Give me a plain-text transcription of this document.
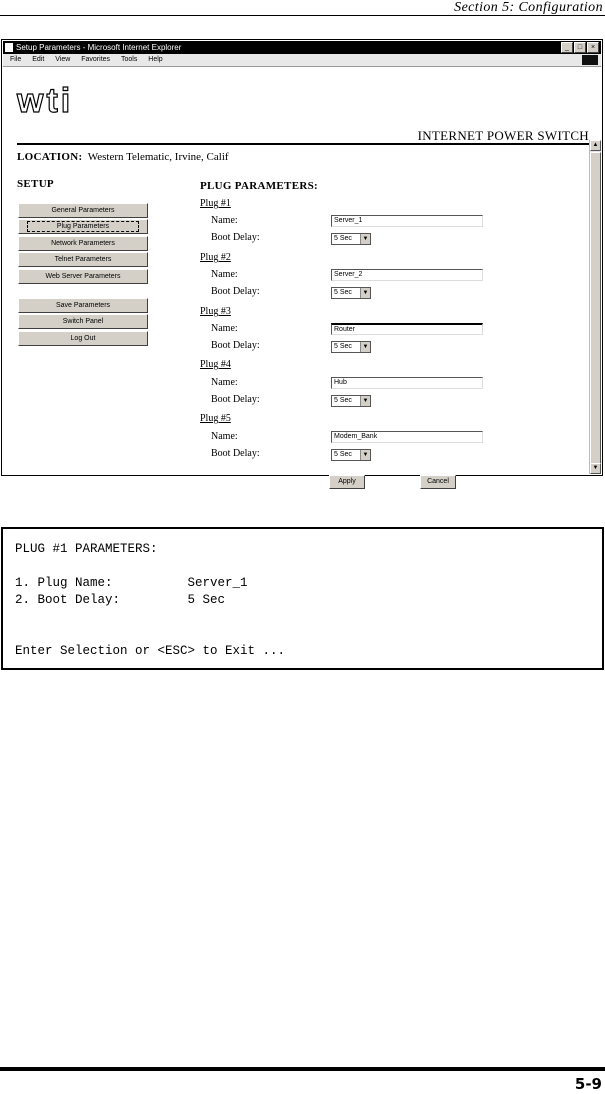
Section 5: Configuration
Setup Parameters - Microsoft Internet Explorer	_ □ ×
File Edit View Favorites Tools Help
wti
INTERNET POWER SWITCH
LOCATION: Western Telematic, Irvine, Calif
SETUP
General Parameters
Plug Parameters
Network Parameters
Telnet Parameters
Web Server Parameters
Save Parameters
Switch Panel
Log Out
PLUG PARAMETERS:
Plug #1
Name:	Server_1
Boot Delay:	5 Sec	▼
Plug #2
Name:	Server_2
Boot Delay:	5 Sec	▼
Plug #3
Name:	Router
Boot Delay:	5 Sec	▼
Plug #4
Name:	Hub
Boot Delay:	5 Sec	▼
Plug #5
Name:	Modem_Bank
Boot Delay:	5 Sec	▼
Apply	Cancel
▲
▼
PLUG #1 PARAMETERS:
1. Plug Name:          Server_1
2. Boot Delay:         5 Sec
Enter Selection or <ESC> to Exit ...
5-9
